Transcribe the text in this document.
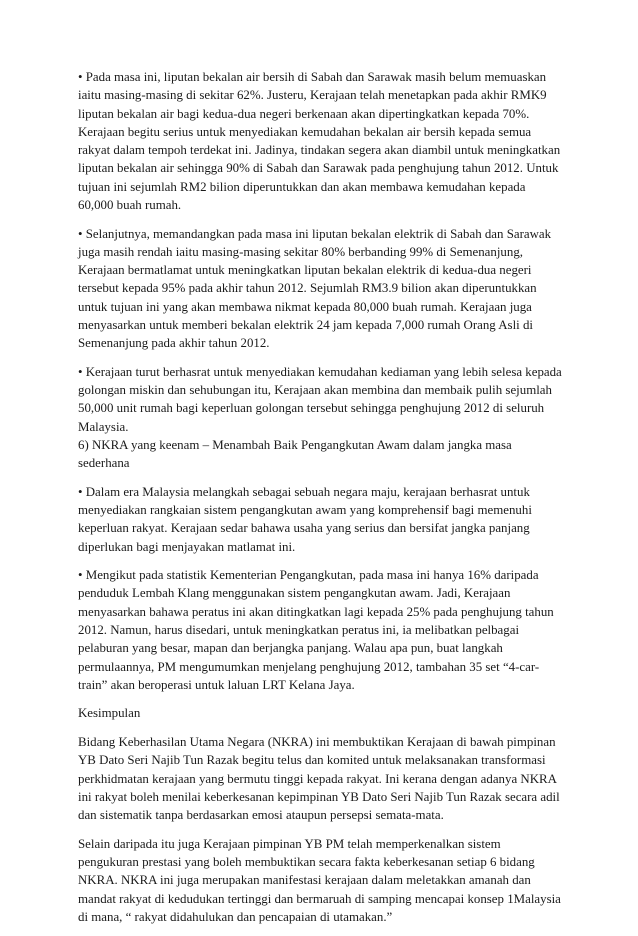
• Pada masa ini, liputan bekalan air bersih di Sabah dan Sarawak masih belum memuaskan iaitu masing-masing di sekitar 62%. Justeru, Kerajaan telah menetapkan pada akhir RMK9 liputan bekalan air bagi kedua-dua negeri berkenaan akan dipertingkatkan kepada 70%. Kerajaan begitu serius untuk menyediakan kemudahan bekalan air bersih kepada semua rakyat dalam tempoh terdekat ini. Jadinya, tindakan segera akan diambil untuk meningkatkan liputan bekalan air sehingga 90% di Sabah dan Sarawak pada penghujung tahun 2012. Untuk tujuan ini sejumlah RM2 bilion diperuntukkan dan akan membawa kemudahan kepada 60,000 buah rumah.

• Selanjutnya, memandangkan pada masa ini liputan bekalan elektrik di Sabah dan Sarawak juga masih rendah iaitu masing-masing sekitar 80% berbanding 99% di Semenanjung, Kerajaan bermatlamat untuk meningkatkan liputan bekalan elektrik di kedua-dua negeri tersebut kepada 95% pada akhir tahun 2012. Sejumlah RM3.9 bilion akan diperuntukkan untuk tujuan ini yang akan membawa nikmat kepada 80,000 buah rumah. Kerajaan juga menyasarkan untuk memberi bekalan elektrik 24 jam kepada 7,000 rumah Orang Asli di Semenanjung pada akhir tahun 2012.

• Kerajaan turut berhasrat untuk menyediakan kemudahan kediaman yang lebih selesa kepada golongan miskin dan sehubungan itu, Kerajaan akan membina dan membaik pulih sejumlah 50,000 unit rumah bagi keperluan golongan tersebut sehingga penghujung 2012 di seluruh Malaysia.

6) NKRA yang keenam – Menambah Baik Pengangkutan Awam dalam jangka masa sederhana

• Dalam era Malaysia melangkah sebagai sebuah negara maju, kerajaan berhasrat untuk menyediakan rangkaian sistem pengangkutan awam yang komprehensif bagi memenuhi keperluan rakyat. Kerajaan sedar bahawa usaha yang serius dan bersifat jangka panjang diperlukan bagi menjayakan matlamat ini.

• Mengikut pada statistik Kementerian Pengangkutan, pada masa ini hanya 16% daripada penduduk Lembah Klang menggunakan sistem pengangkutan awam. Jadi, Kerajaan menyasarkan bahawa peratus ini akan ditingkatkan lagi kepada 25% pada penghujung tahun 2012. Namun, harus disedari, untuk meningkatkan peratus ini, ia melibatkan pelbagai pelaburan yang besar, mapan dan berjangka panjang. Walau apa pun, buat langkah permulaannya, PM mengumumkan menjelang penghujung 2012, tambahan 35 set “4-car-train” akan beroperasi untuk laluan LRT Kelana Jaya.

Kesimpulan

Bidang Keberhasilan Utama Negara (NKRA) ini membuktikan Kerajaan di bawah pimpinan YB Dato Seri Najib Tun Razak begitu telus dan komited untuk melaksanakan transformasi perkhidmatan kerajaan yang bermutu tinggi kepada rakyat. Ini kerana dengan adanya NKRA ini rakyat boleh menilai keberkesanan kepimpinan YB Dato Seri Najib Tun Razak secara adil dan sistematik tanpa berdasarkan emosi ataupun persepsi semata-mata.

Selain daripada itu juga Kerajaan pimpinan YB PM telah memperkenalkan sistem pengukuran prestasi yang boleh membuktikan secara fakta keberkesanan setiap 6 bidang NKRA. NKRA ini juga merupakan manifestasi kerajaan dalam meletakkan amanah dan mandat rakyat di kedudukan tertinggi dan bermaruah di samping mencapai konsep 1Malaysia di mana, “ rakyat didahulukan dan pencapaian di utamakan.”
